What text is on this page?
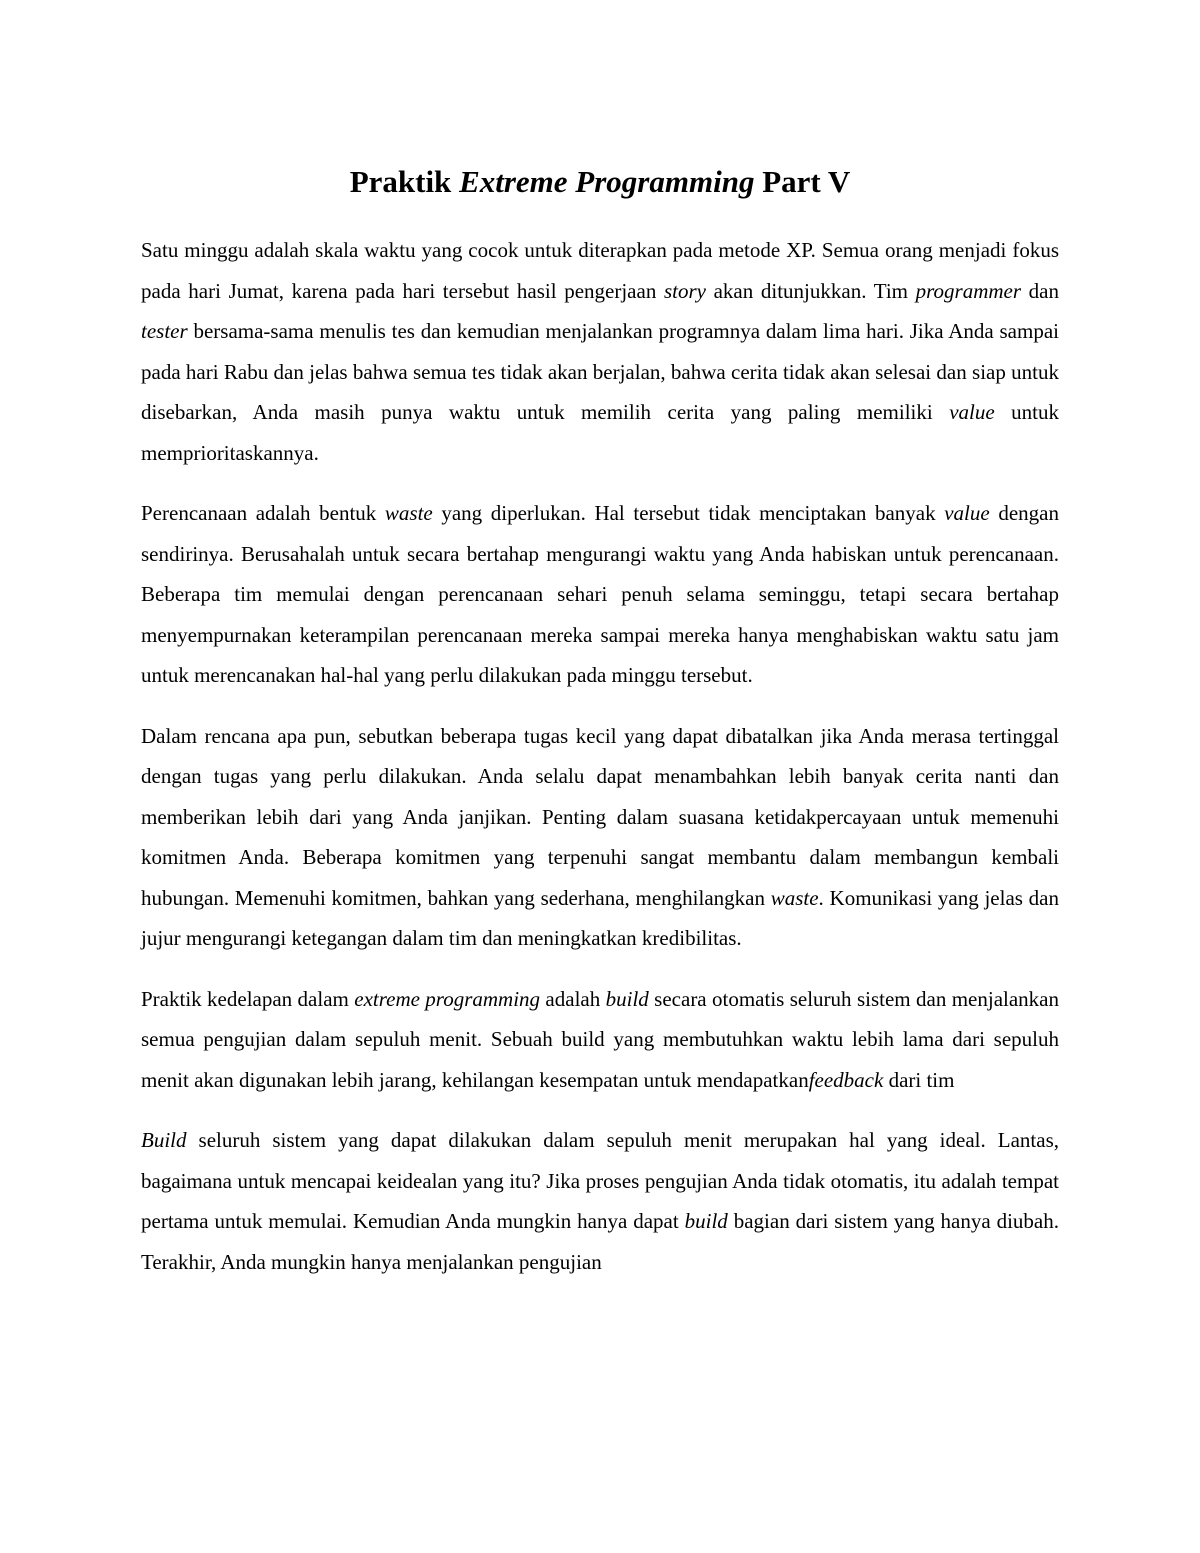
Praktik Extreme Programming Part V

Satu minggu adalah skala waktu yang cocok untuk diterapkan pada metode XP. Semua orang menjadi fokus pada hari Jumat, karena pada hari tersebut hasil pengerjaan story akan ditunjukkan. Tim programmer dan tester bersama-sama menulis tes dan kemudian menjalankan programnya dalam lima hari. Jika Anda sampai pada hari Rabu dan jelas bahwa semua tes tidak akan berjalan, bahwa cerita tidak akan selesai dan siap untuk disebarkan, Anda masih punya waktu untuk memilih cerita yang paling memiliki value untuk memprioritaskannya.

Perencanaan adalah bentuk waste yang diperlukan. Hal tersebut tidak menciptakan banyak value dengan sendirinya. Berusahalah untuk secara bertahap mengurangi waktu yang Anda habiskan untuk perencanaan. Beberapa tim memulai dengan perencanaan sehari penuh selama seminggu, tetapi secara bertahap menyempurnakan keterampilan perencanaan mereka sampai mereka hanya menghabiskan waktu satu jam untuk merencanakan hal-hal yang perlu dilakukan pada minggu tersebut.

Dalam rencana apa pun, sebutkan beberapa tugas kecil yang dapat dibatalkan jika Anda merasa tertinggal dengan tugas yang perlu dilakukan. Anda selalu dapat menambahkan lebih banyak cerita nanti dan memberikan lebih dari yang Anda janjikan. Penting dalam suasana ketidakpercayaan untuk memenuhi komitmen Anda. Beberapa komitmen yang terpenuhi sangat membantu dalam membangun kembali hubungan. Memenuhi komitmen, bahkan yang sederhana, menghilangkan waste. Komunikasi yang jelas dan jujur mengurangi ketegangan dalam tim dan meningkatkan kredibilitas.

Praktik kedelapan dalam extreme programming adalah build secara otomatis seluruh sistem dan menjalankan semua pengujian dalam sepuluh menit. Sebuah build yang membutuhkan waktu lebih lama dari sepuluh menit akan digunakan lebih jarang, kehilangan kesempatan untuk mendapatkanfeedback dari tim

Build seluruh sistem yang dapat dilakukan dalam sepuluh menit merupakan hal yang ideal. Lantas, bagaimana untuk mencapai keidealan yang itu? Jika proses pengujian Anda tidak otomatis, itu adalah tempat pertama untuk memulai. Kemudian Anda mungkin hanya dapat build bagian dari sistem yang hanya diubah. Terakhir, Anda mungkin hanya menjalankan pengujian
